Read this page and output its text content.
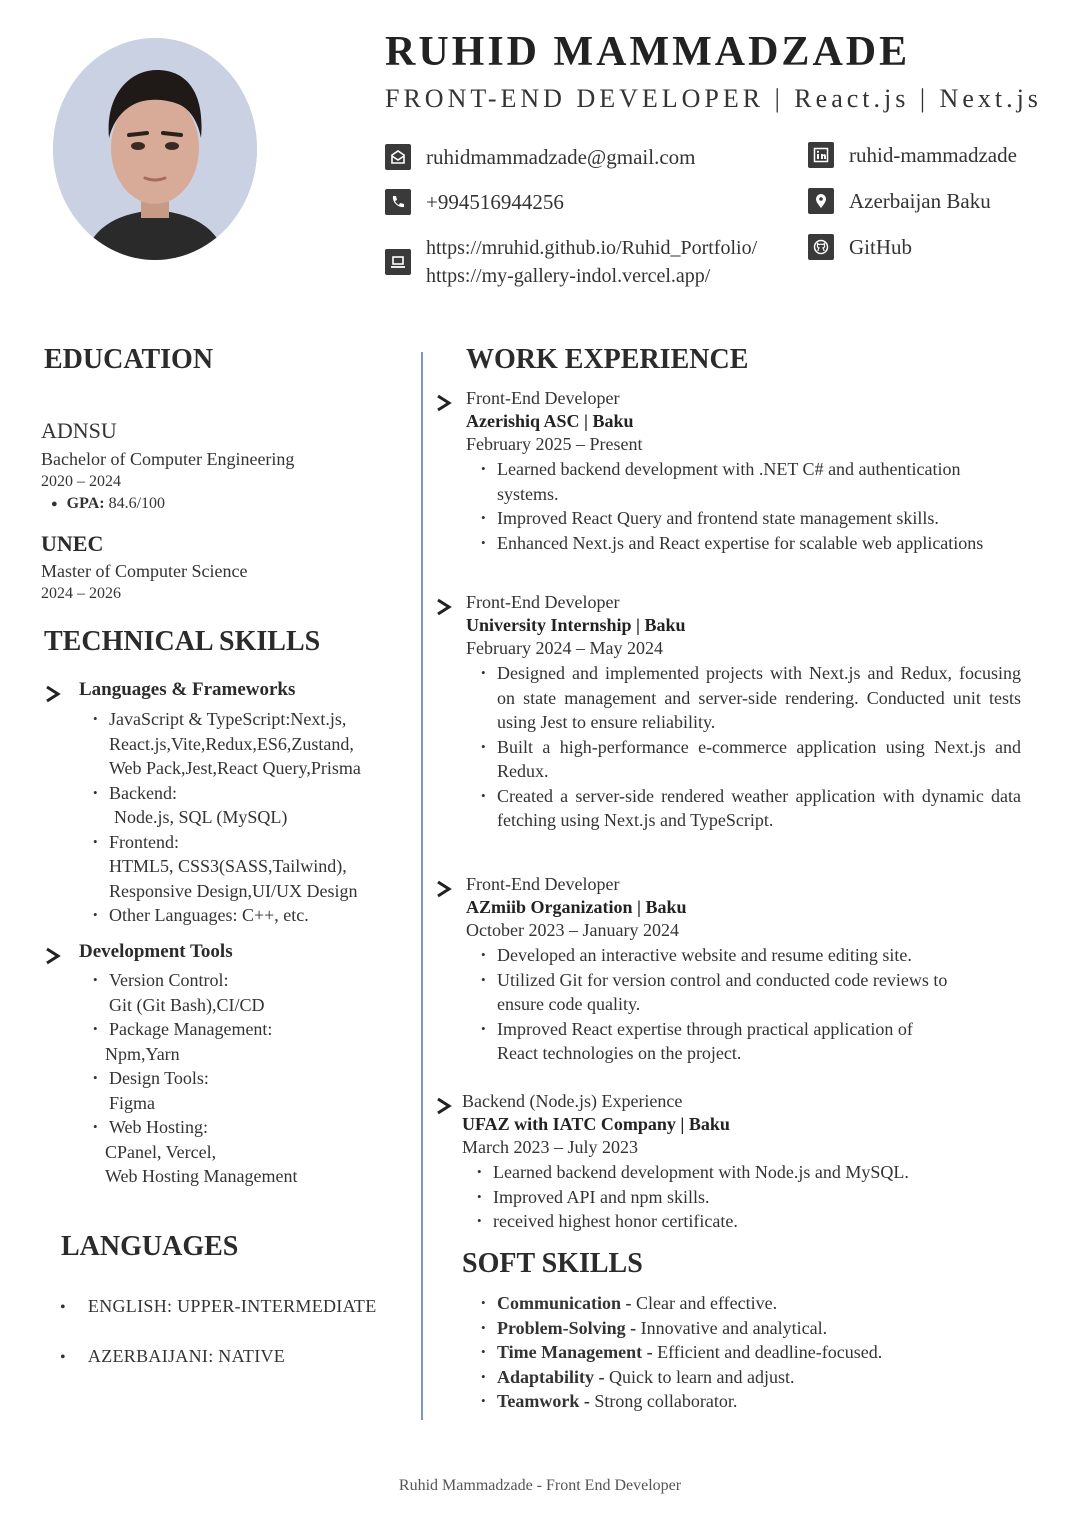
RUHID MAMMADZADE
FRONT-END DEVELOPER | React.js | Next.js
ruhidmammadzade@gmail.com
+994516944256
https://mruhid.github.io/Ruhid_Portfolio/
https://my-gallery-indol.vercel.app/
ruhid-mammadzade
Azerbaijan Baku
GitHub
EDUCATION
ADNSU
Bachelor of Computer Engineering
2020 – 2024
● GPA: 84.6/100
UNEC
Master of Computer Science
2024 – 2026
TECHNICAL SKILLS
Languages & Frameworks
• JavaScript & TypeScript:Next.js,
React.js,Vite,Redux,ES6,Zustand,
Web Pack,Jest,React Query,Prisma
• Backend:
Node.js, SQL (MySQL)
• Frontend:
HTML5, CSS3(SASS,Tailwind),
Responsive Design,UI/UX Design
• Other Languages: C++, etc.
Development Tools
• Version Control:
Git (Git Bash),CI/CD
• Package Management:
Npm,Yarn
• Design Tools:
Figma
• Web Hosting:
CPanel, Vercel,
Web Hosting Management
LANGUAGES
• ENGLISH: UPPER-INTERMEDIATE
• AZERBAIJANI: NATIVE
WORK EXPERIENCE
Front-End Developer
Azerishiq ASC | Baku
February 2025 – Present
• Learned backend development with .NET C# and authentication systems.
• Improved React Query and frontend state management skills.
• Enhanced Next.js and React expertise for scalable web applications
Front-End Developer
University Internship | Baku
February 2024 – May 2024
• Designed and implemented projects with Next.js and Redux, focusing on state management and server-side rendering. Conducted unit tests using Jest to ensure reliability.
• Built a high-performance e-commerce application using Next.js and Redux.
• Created a server-side rendered weather application with dynamic data fetching using Next.js and TypeScript.
Front-End Developer
AZmiib Organization | Baku
October 2023 – January 2024
• Developed an interactive website and resume editing site.
• Utilized Git for version control and conducted code reviews to ensure code quality.
• Improved React expertise through practical application of React technologies on the project.
Backend (Node.js) Experience
UFAZ with IATC Company | Baku
March 2023 – July 2023
• Learned backend development with Node.js and MySQL.
• Improved API and npm skills.
• received highest honor certificate.
SOFT SKILLS
• Communication - Clear and effective.
• Problem-Solving - Innovative and analytical.
• Time Management - Efficient and deadline-focused.
• Adaptability - Quick to learn and adjust.
• Teamwork - Strong collaborator.
Ruhid Mammadzade - Front End Developer
